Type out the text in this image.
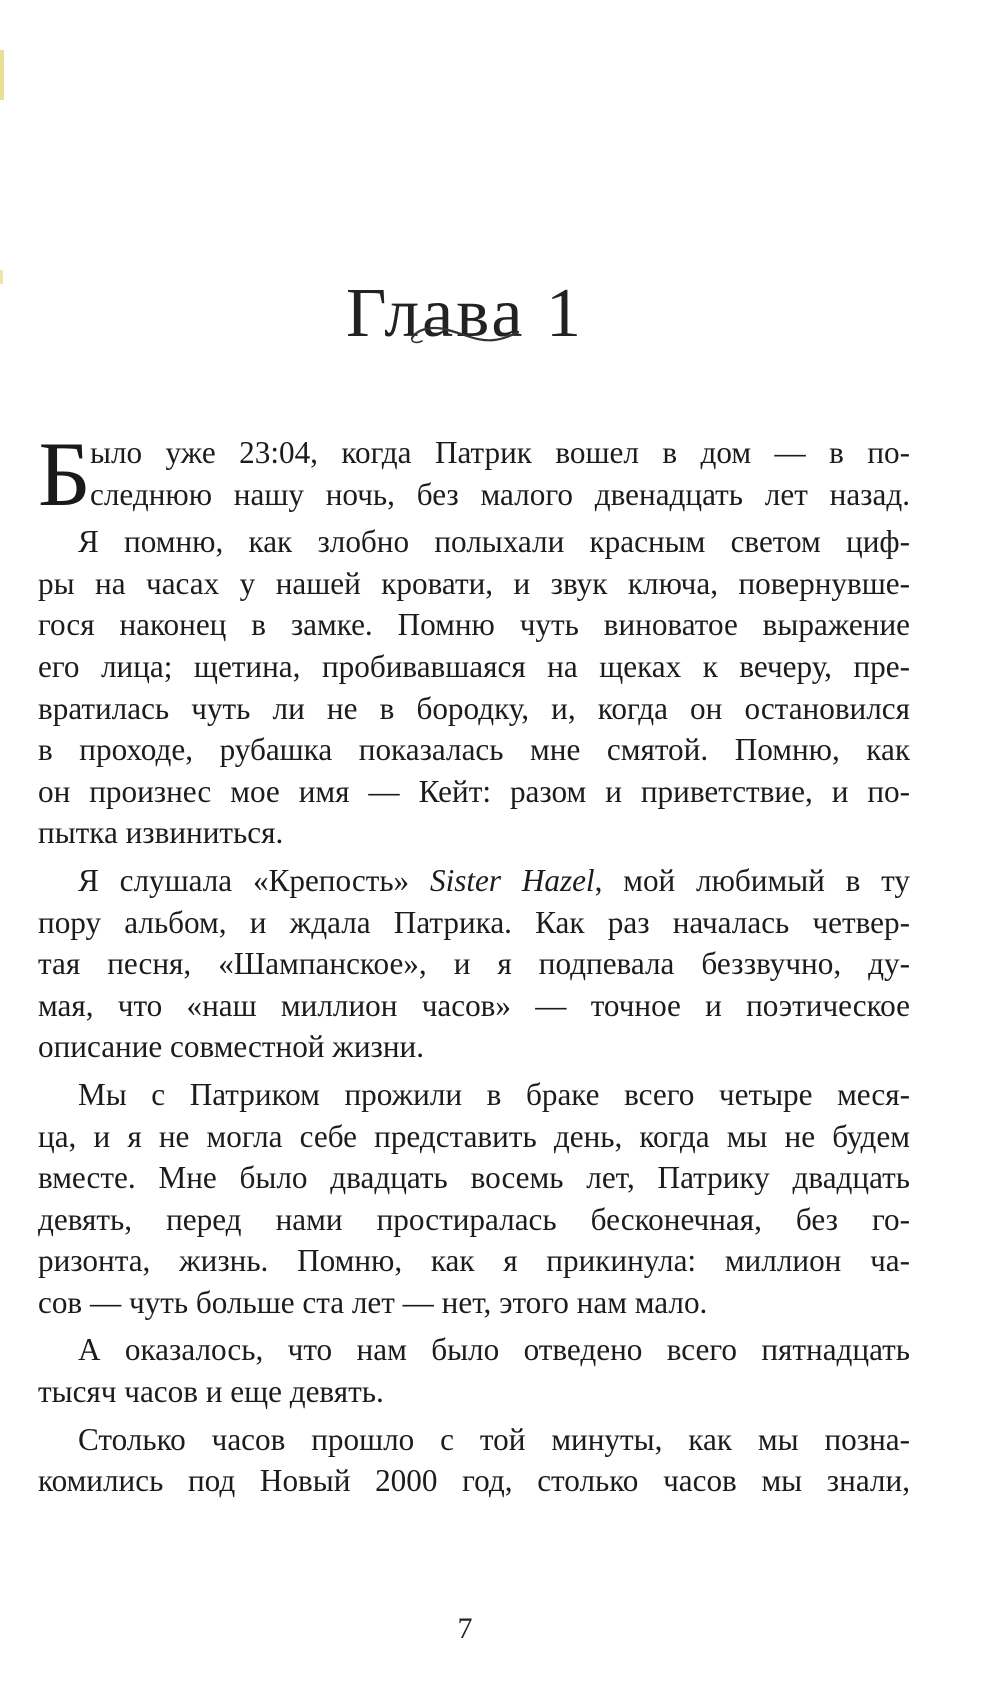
Глава 1
Б ыло уже 23:04, когда Патрик вошел в дом — в по-
следнюю нашу ночь, без малого двенадцать лет назад.
Я помню, как злобно полыхали красным светом циф-
ры на часах у нашей кровати, и звук ключа, повернувше-
гося наконец в замке. Помню чуть виноватое выражение
его лица; щетина, пробивавшаяся на щеках к вечеру, пре-
вратилась чуть ли не в бородку, и, когда он остановился
в проходе, рубашка показалась мне смятой. Помню, как
он произнес мое имя — Кейт: разом и приветствие, и по-
пытка извиниться.
Я слушала «Крепость» Sister Hazel, мой любимый в ту
пору альбом, и ждала Патрика. Как раз началась четвер-
тая песня, «Шампанское», и я подпевала беззвучно, ду-
мая, что «наш миллион часов» — точное и поэтическое
описание совместной жизни.
Мы с Патриком прожили в браке всего четыре меся-
ца, и я не могла себе представить день, когда мы не будем
вместе. Мне было двадцать восемь лет, Патрику двадцать
девять, перед нами простиралась бесконечная, без го-
ризонта, жизнь. Помню, как я прикинула: миллион ча-
сов — чуть больше ста лет — нет, этого нам мало.
А оказалось, что нам было отведено всего пятнадцать
тысяч часов и еще девять.
Столько часов прошло с той минуты, как мы позна-
комились под Новый 2000 год, столько часов мы знали,
7
